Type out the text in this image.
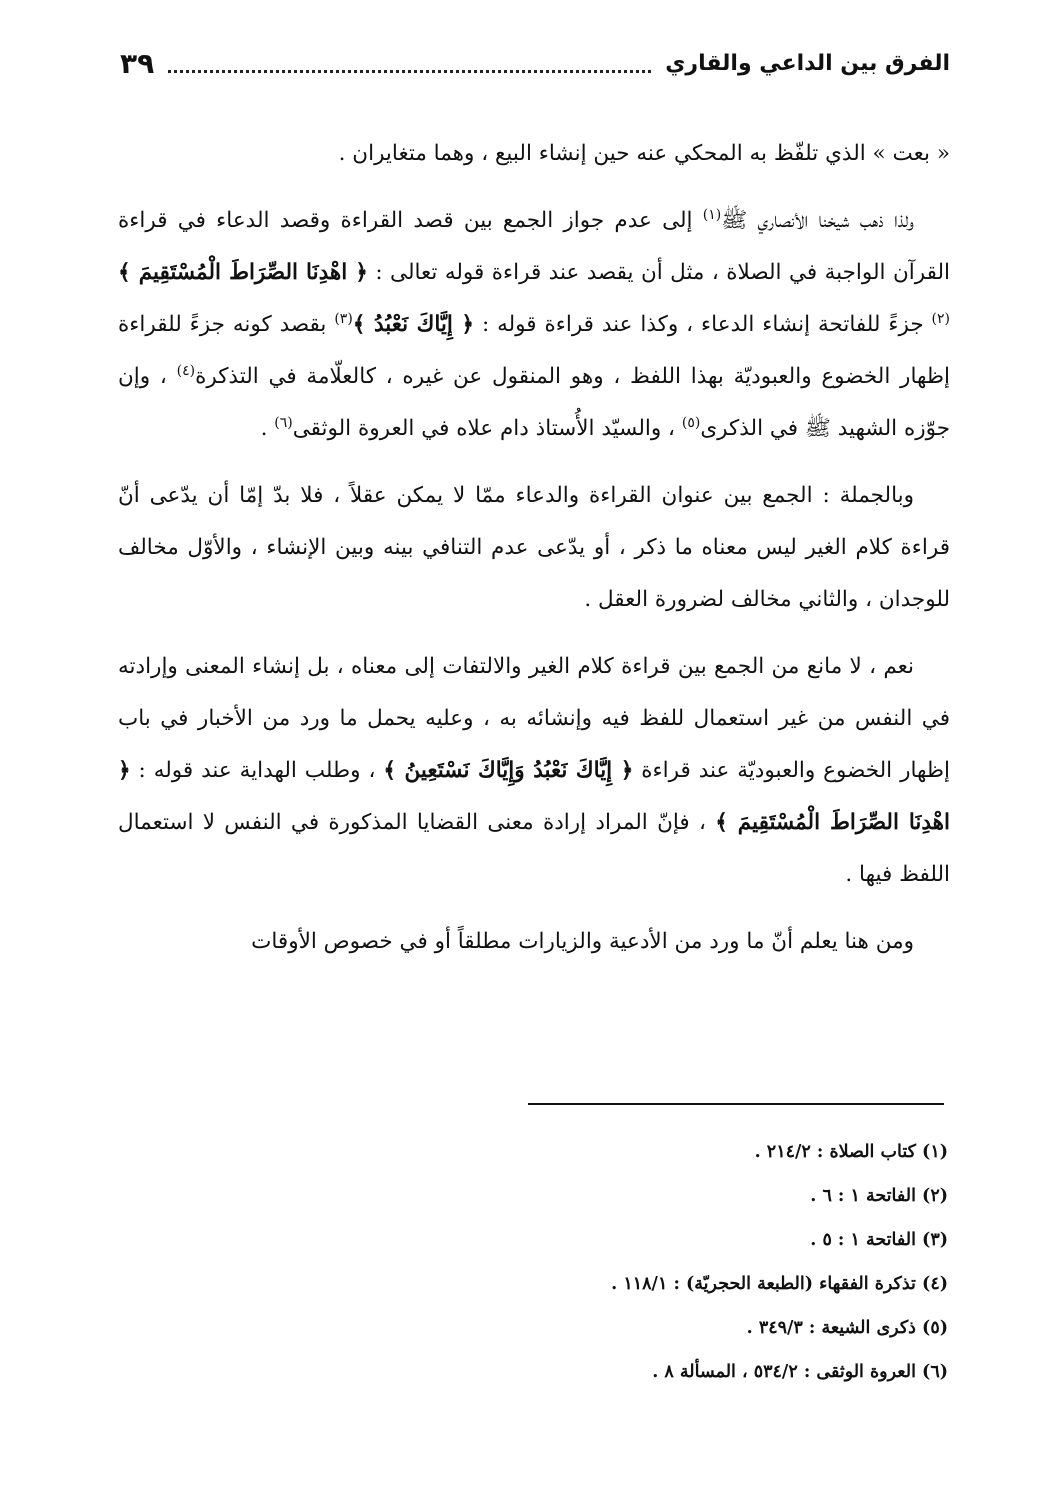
الفرق بين الداعي والقاري
٣٩

« بعت » الذي تلفّظ به المحكي عنه حين إنشاء البيع ، وهما متغايران .

ولذا ذهب شيخنا الأنصاري ﷺ$^{(١)}$ إلى عدم جواز الجمع بين قصد القراءة وقصد الدعاء في قراءة القرآن الواجبة في الصلاة ، مثل أن يقصد عند قراءة قوله تعالى : ﴿ اهْدِنَا الصِّرَاطَ الْمُسْتَقِيمَ ﴾$^{(٢)}$ جزءً للفاتحة إنشاء الدعاء ، وكذا عند قراءة قوله : ﴿ إِيَّاكَ نَعْبُدُ ﴾$^{(٣)}$ بقصد كونه جزءً للقراءة إظهار الخضوع والعبوديّة بهذا اللفظ ، وهو المنقول عن غيره ، كالعلّامة في التذكرة$^{(٤)}$ ، وإن جوّزه الشهيد ﷺ في الذكرى$^{(٥)}$ ، والسيّد الأُستاذ دام علاه في العروة الوثقى$^{(٦)}$ .

وبالجملة : الجمع بين عنوان القراءة والدعاء ممّا لا يمكن عقلاً ، فلا بدّ إمّا أن يدّعى أنّ قراءة كلام الغير ليس معناه ما ذكر ، أو يدّعى عدم التنافي بينه وبين الإنشاء ، والأوّل مخالف للوجدان ، والثاني مخالف لضرورة العقل .

نعم ، لا مانع من الجمع بين قراءة كلام الغير والالتفات إلى معناه ، بل إنشاء المعنى وإرادته في النفس من غير استعمال للفظ فيه وإنشائه به ، وعليه يحمل ما ورد من الأخبار في باب إظهار الخضوع والعبوديّة عند قراءة ﴿ إِيَّاكَ نَعْبُدُ وَإِيَّاكَ نَسْتَعِينُ ﴾ ، وطلب الهداية عند قوله : ﴿ اهْدِنَا الصِّرَاطَ الْمُسْتَقِيمَ ﴾ ، فإنّ المراد إرادة معنى القضايا المذكورة في النفس لا استعمال اللفظ فيها .

ومن هنا يعلم أنّ ما ورد من الأدعية والزيارات مطلقاً أو في خصوص الأوقات

(١) كتاب الصلاة : ٢١٤/٢ .
(٢) الفاتحة ١ : ٦ .
(٣) الفاتحة ١ : ٥ .
(٤) تذكرة الفقهاء (الطبعة الحجريّة) : ١١٨/١ .
(٥) ذكرى الشيعة : ٣٤٩/٣ .
(٦) العروة الوثقى : ٥٣٤/٢ ، المسألة ٨ .
